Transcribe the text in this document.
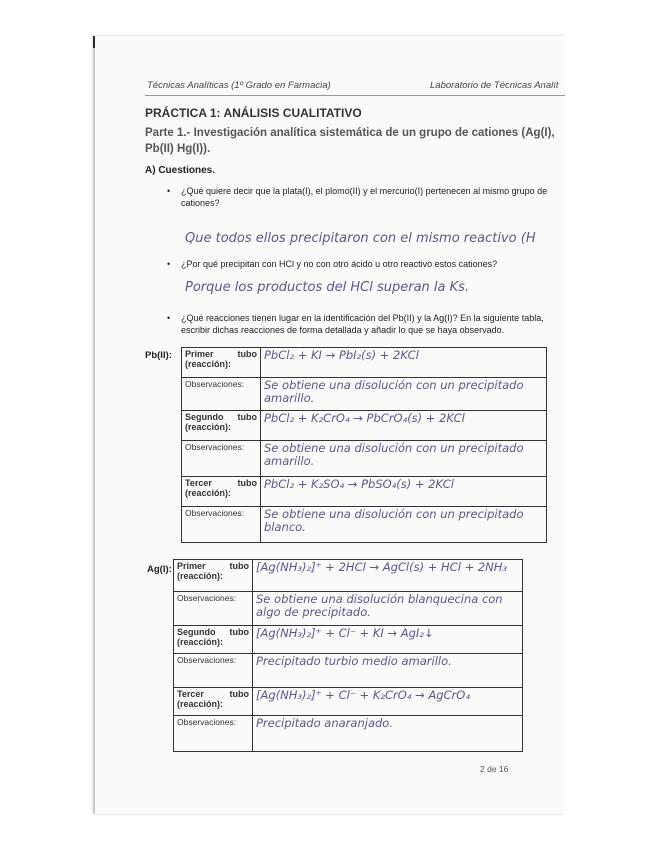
Técnicas Analíticas (1º Grado en Farmacia)	Laboratorio de Técnicas Analít
PRÁCTICA 1: ANÁLISIS CUALITATIVO
Parte 1.- Investigación analítica sistemática de un grupo de cationes (Ag(I), Pb(II) Hg(I)).
A) Cuestiones.
• ¿Qué quiere decir que la plata(I), el plomo(II) y el mercurio(I) pertenecen al mismo grupo de cationes?
Que todos ellos precipitaron con el mismo reactivo (H
• ¿Por qué precipitan con HCl y no con otro ácido u otro reactivo estos cationes?
Porque los productos del HCl superan la Ks.
• ¿Qué reacciones tienen lugar en la identificación del Pb(II) y la Ag(I)? En la siguiente tabla, escribir dichas reacciones de forma detallada y añadir lo que se haya observado.
Pb(II): Primer tubo
(reacción):	PbCl₂ + KI → PbI₂(s) + 2KCl
Observaciones:	Se obtiene una disolución con un precipitado amarillo.

Segundo tubo
(reacción):	PbCl₂ + K₂CrO₄ → PbCrO₄(s) + 2KCl
Observaciones:	Se obtiene una disolución con un precipitado amarillo.

Tercer tubo
(reacción):	PbCl₂ + K₂SO₄ → PbSO₄(s) + 2KCl
Observaciones:	Se obtiene una disolución con un precipitado blanco.
Ag(I): Primer tubo
(reacción):	[Ag(NH₃)₂]⁺ + 2HCl → AgCl(s) + HCl + 2NH₃
Observaciones:	Se obtiene una disolución blanquecina con algo de precipitado.

Segundo tubo
(reacción):	[Ag(NH₃)₂]⁺ + Cl⁻ + KI → AgI₂↓
Observaciones:	Precipitado turbio medio amarillo.

Tercer tubo
(reacción):	[Ag(NH₃)₂]⁺ + Cl⁻ + K₂CrO₄ → AgCrO₄
Observaciones:	Precipitado anaranjado.
2 de 16
